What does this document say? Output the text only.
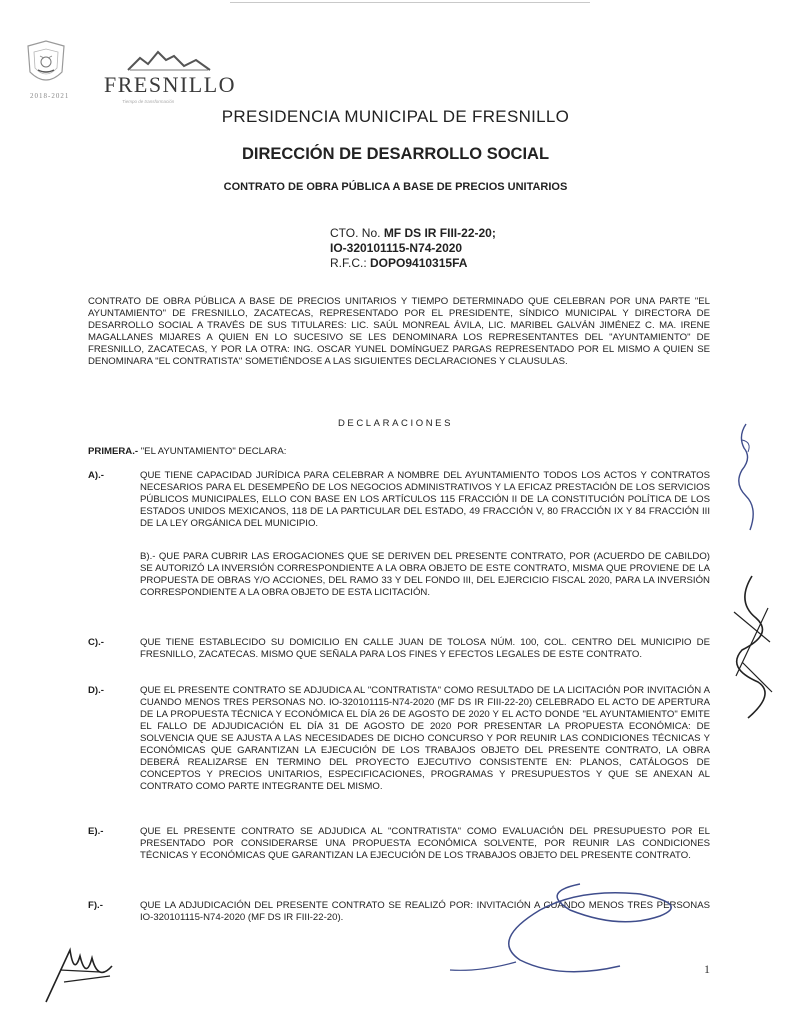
2018-2021 FRESNILLO
Tiempo de transformación
PRESIDENCIA MUNICIPAL DE FRESNILLO
DIRECCIÓN DE DESARROLLO SOCIAL
CONTRATO DE OBRA PÚBLICA A BASE DE PRECIOS UNITARIOS
CTO. No. MF DS IR FIII-22-20;
IO-320101115-N74-2020
R.F.C.: DOPO9410315FA

CONTRATO DE OBRA PÚBLICA A BASE DE PRECIOS UNITARIOS Y TIEMPO DETERMINADO QUE CELEBRAN POR UNA PARTE "EL AYUNTAMIENTO" DE FRESNILLO, ZACATECAS, REPRESENTADO POR EL PRESIDENTE, SÍNDICO MUNICIPAL Y DIRECTORA DE DESARROLLO SOCIAL A TRAVÉS DE SUS TITULARES: LIC. SAÚL MONREAL ÁVILA, LIC. MARIBEL GALVÁN JIMÉNEZ C. MA. IRENE MAGALLANES MIJARES A QUIEN EN LO SUCESIVO SE LES DENOMINARA LOS REPRESENTANTES DEL "AYUNTAMIENTO" DE FRESNILLO, ZACATECAS, Y POR LA OTRA: ING. OSCAR YUNEL DOMÍNGUEZ PARGAS REPRESENTADO POR EL MISMO A QUIEN SE DENOMINARA "EL CONTRATISTA" SOMETIÉNDOSE A LAS SIGUIENTES DECLARACIONES Y CLAUSULAS.

DECLARACIONES
PRIMERA.- "EL AYUNTAMIENTO" DECLARA:
A).-	QUE TIENE CAPACIDAD JURÍDICA PARA CELEBRAR A NOMBRE DEL AYUNTAMIENTO TODOS LOS ACTOS Y CONTRATOS NECESARIOS PARA EL DESEMPEÑO DE LOS NEGOCIOS ADMINISTRATIVOS Y LA EFICAZ PRESTACIÓN DE LOS SERVICIOS PÚBLICOS MUNICIPALES, ELLO CON BASE EN LOS ARTÍCULOS 115 FRACCIÓN II DE LA CONSTITUCIÓN POLÍTICA DE LOS ESTADOS UNIDOS MEXICANOS, 118 DE LA PARTICULAR DEL ESTADO, 49 FRACCIÓN V, 80 FRACCIÓN IX Y 84 FRACCIÓN III DE LA LEY ORGÁNICA DEL MUNICIPIO.

B).- QUE PARA CUBRIR LAS EROGACIONES QUE SE DERIVEN DEL PRESENTE CONTRATO, POR (ACUERDO DE CABILDO) SE AUTORIZÓ LA INVERSIÓN CORRESPONDIENTE A LA OBRA OBJETO DE ESTE CONTRATO, MISMA QUE PROVIENE DE LA PROPUESTA DE OBRAS Y/O ACCIONES, DEL RAMO 33 Y DEL FONDO III, DEL EJERCICIO FISCAL 2020, PARA LA INVERSIÓN CORRESPONDIENTE A LA OBRA OBJETO DE ESTA LICITACIÓN.

C).-	QUE TIENE ESTABLECIDO SU DOMICILIO EN CALLE JUAN DE TOLOSA NÚM. 100, COL. CENTRO DEL MUNICIPIO DE FRESNILLO, ZACATECAS. MISMO QUE SEÑALA PARA LOS FINES Y EFECTOS LEGALES DE ESTE CONTRATO.

D).-	QUE EL PRESENTE CONTRATO SE ADJUDICA AL "CONTRATISTA" COMO RESULTADO DE LA LICITACIÓN POR INVITACIÓN A CUANDO MENOS TRES PERSONAS NO. IO-320101115-N74-2020 (MF DS IR FIII-22-20) CELEBRADO EL ACTO DE APERTURA DE LA PROPUESTA TÉCNICA Y ECONÓMICA EL DÍA 26 DE AGOSTO DE 2020 Y EL ACTO DONDE "EL AYUNTAMIENTO" EMITE EL FALLO DE ADJUDICACIÓN EL DÍA 31 DE AGOSTO DE 2020 POR PRESENTAR LA PROPUESTA ECONÓMICA: DE SOLVENCIA QUE SE AJUSTA A LAS NECESIDADES DE DICHO CONCURSO Y POR REUNIR LAS CONDICIONES TÉCNICAS Y ECONÓMICAS QUE GARANTIZAN LA EJECUCIÓN DE LOS TRABAJOS OBJETO DEL PRESENTE CONTRATO, LA OBRA DEBERÁ REALIZARSE EN TERMINO DEL PROYECTO EJECUTIVO CONSISTENTE EN: PLANOS, CATÁLOGOS DE CONCEPTOS Y PRECIOS UNITARIOS, ESPECIFICACIONES, PROGRAMAS Y PRESUPUESTOS Y QUE SE ANEXAN AL CONTRATO COMO PARTE INTEGRANTE DEL MISMO.

E).-	QUE EL PRESENTE CONTRATO SE ADJUDICA AL "CONTRATISTA" COMO EVALUACIÓN DEL PRESUPUESTO POR EL PRESENTADO POR CONSIDERARSE UNA PROPUESTA ECONÓMICA SOLVENTE, POR REUNIR LAS CONDICIONES TÉCNICAS Y ECONÓMICAS QUE GARANTIZAN LA EJECUCIÓN DE LOS TRABAJOS OBJETO DEL PRESENTE CONTRATO.

F).-	QUE LA ADJUDICACIÓN DEL PRESENTE CONTRATO SE REALIZÓ POR: INVITACIÓN A CUANDO MENOS TRES PERSONAS IO-320101115-N74-2020 (MF DS IR FIII-22-20).

1
